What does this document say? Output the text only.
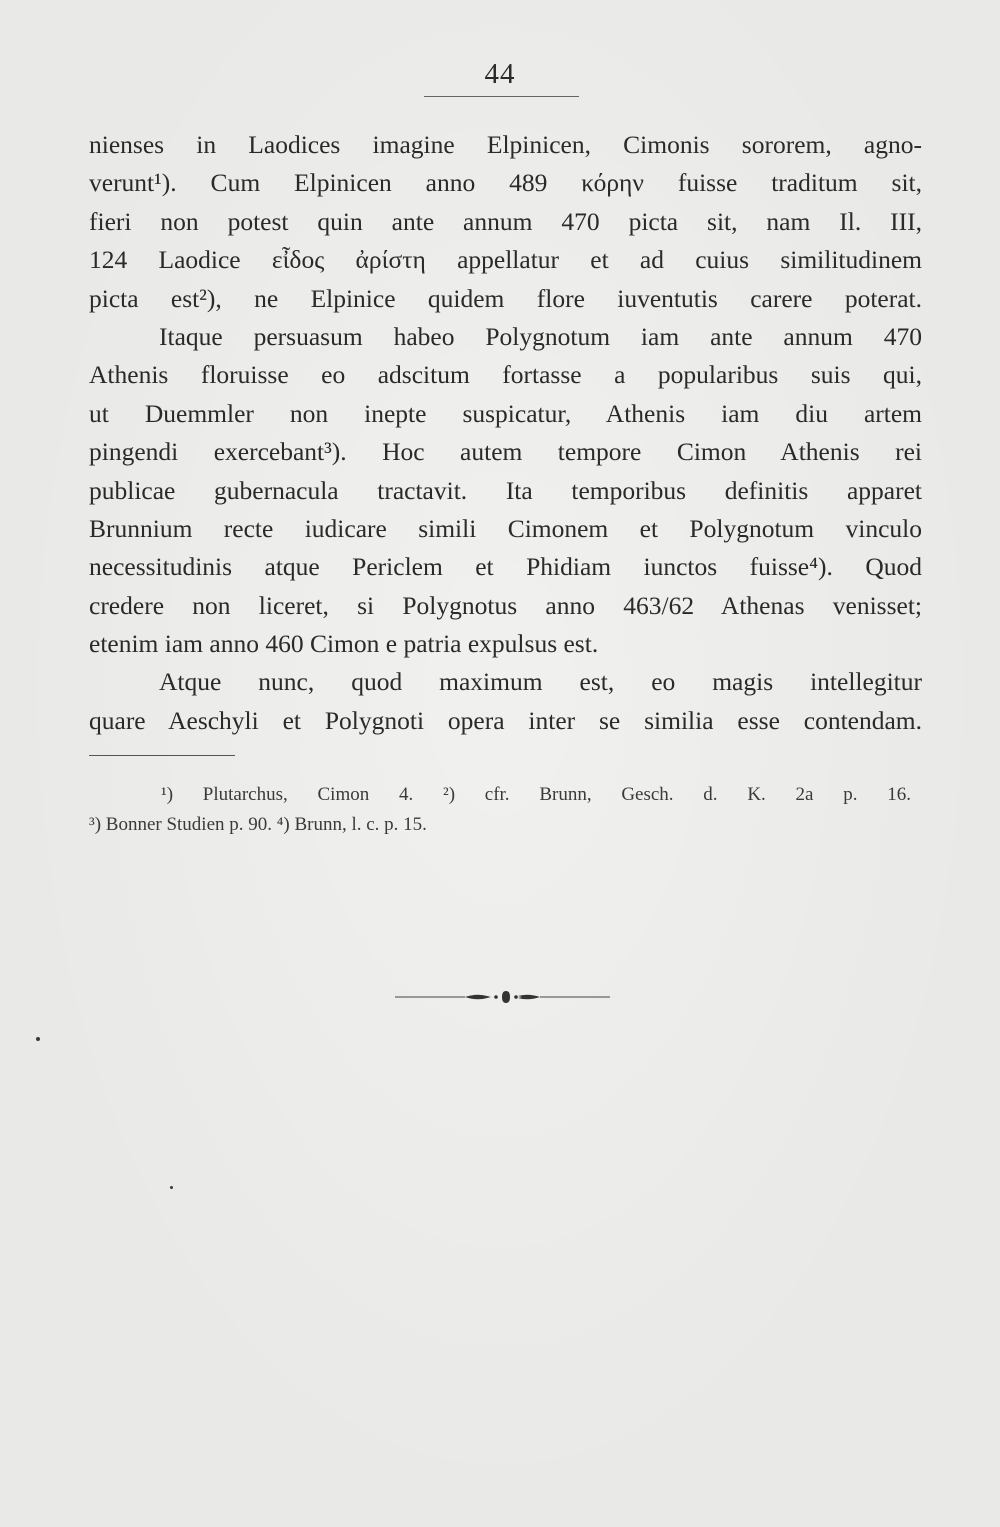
44
nienses in Laodices imagine Elpinicen, Cimonis sororem, agno-
verunt¹). Cum Elpinicen anno 489 κόρην fuisse traditum sit,
fieri non potest quin ante annum 470 picta sit, nam Il. III,
124 Laodice εἶδος ἀρίστη appellatur et ad cuius similitudinem
picta est²), ne Elpinice quidem flore iuventutis carere poterat.
Itaque persuasum habeo Polygnotum iam ante annum 470
Athenis floruisse eo adscitum fortasse a popularibus suis qui,
ut Duemmler non inepte suspicatur, Athenis iam diu artem
pingendi exercebant³). Hoc autem tempore Cimon Athenis rei
publicae gubernacula tractavit. Ita temporibus definitis apparet
Brunnium recte iudicare simili Cimonem et Polygnotum vinculo
necessitudinis atque Periclem et Phidiam iunctos fuisse⁴). Quod
credere non liceret, si Polygnotus anno 463/62 Athenas venisset;
etenim iam anno 460 Cimon e patria expulsus est.
Atque nunc, quod maximum est, eo magis intellegitur
quare Aeschyli et Polygnoti opera inter se similia esse contendam.
¹) Plutarchus, Cimon 4. ²) cfr. Brunn, Gesch. d. K. 2a p. 16.
³) Bonner Studien p. 90. ⁴) Brunn, l. c. p. 15.
